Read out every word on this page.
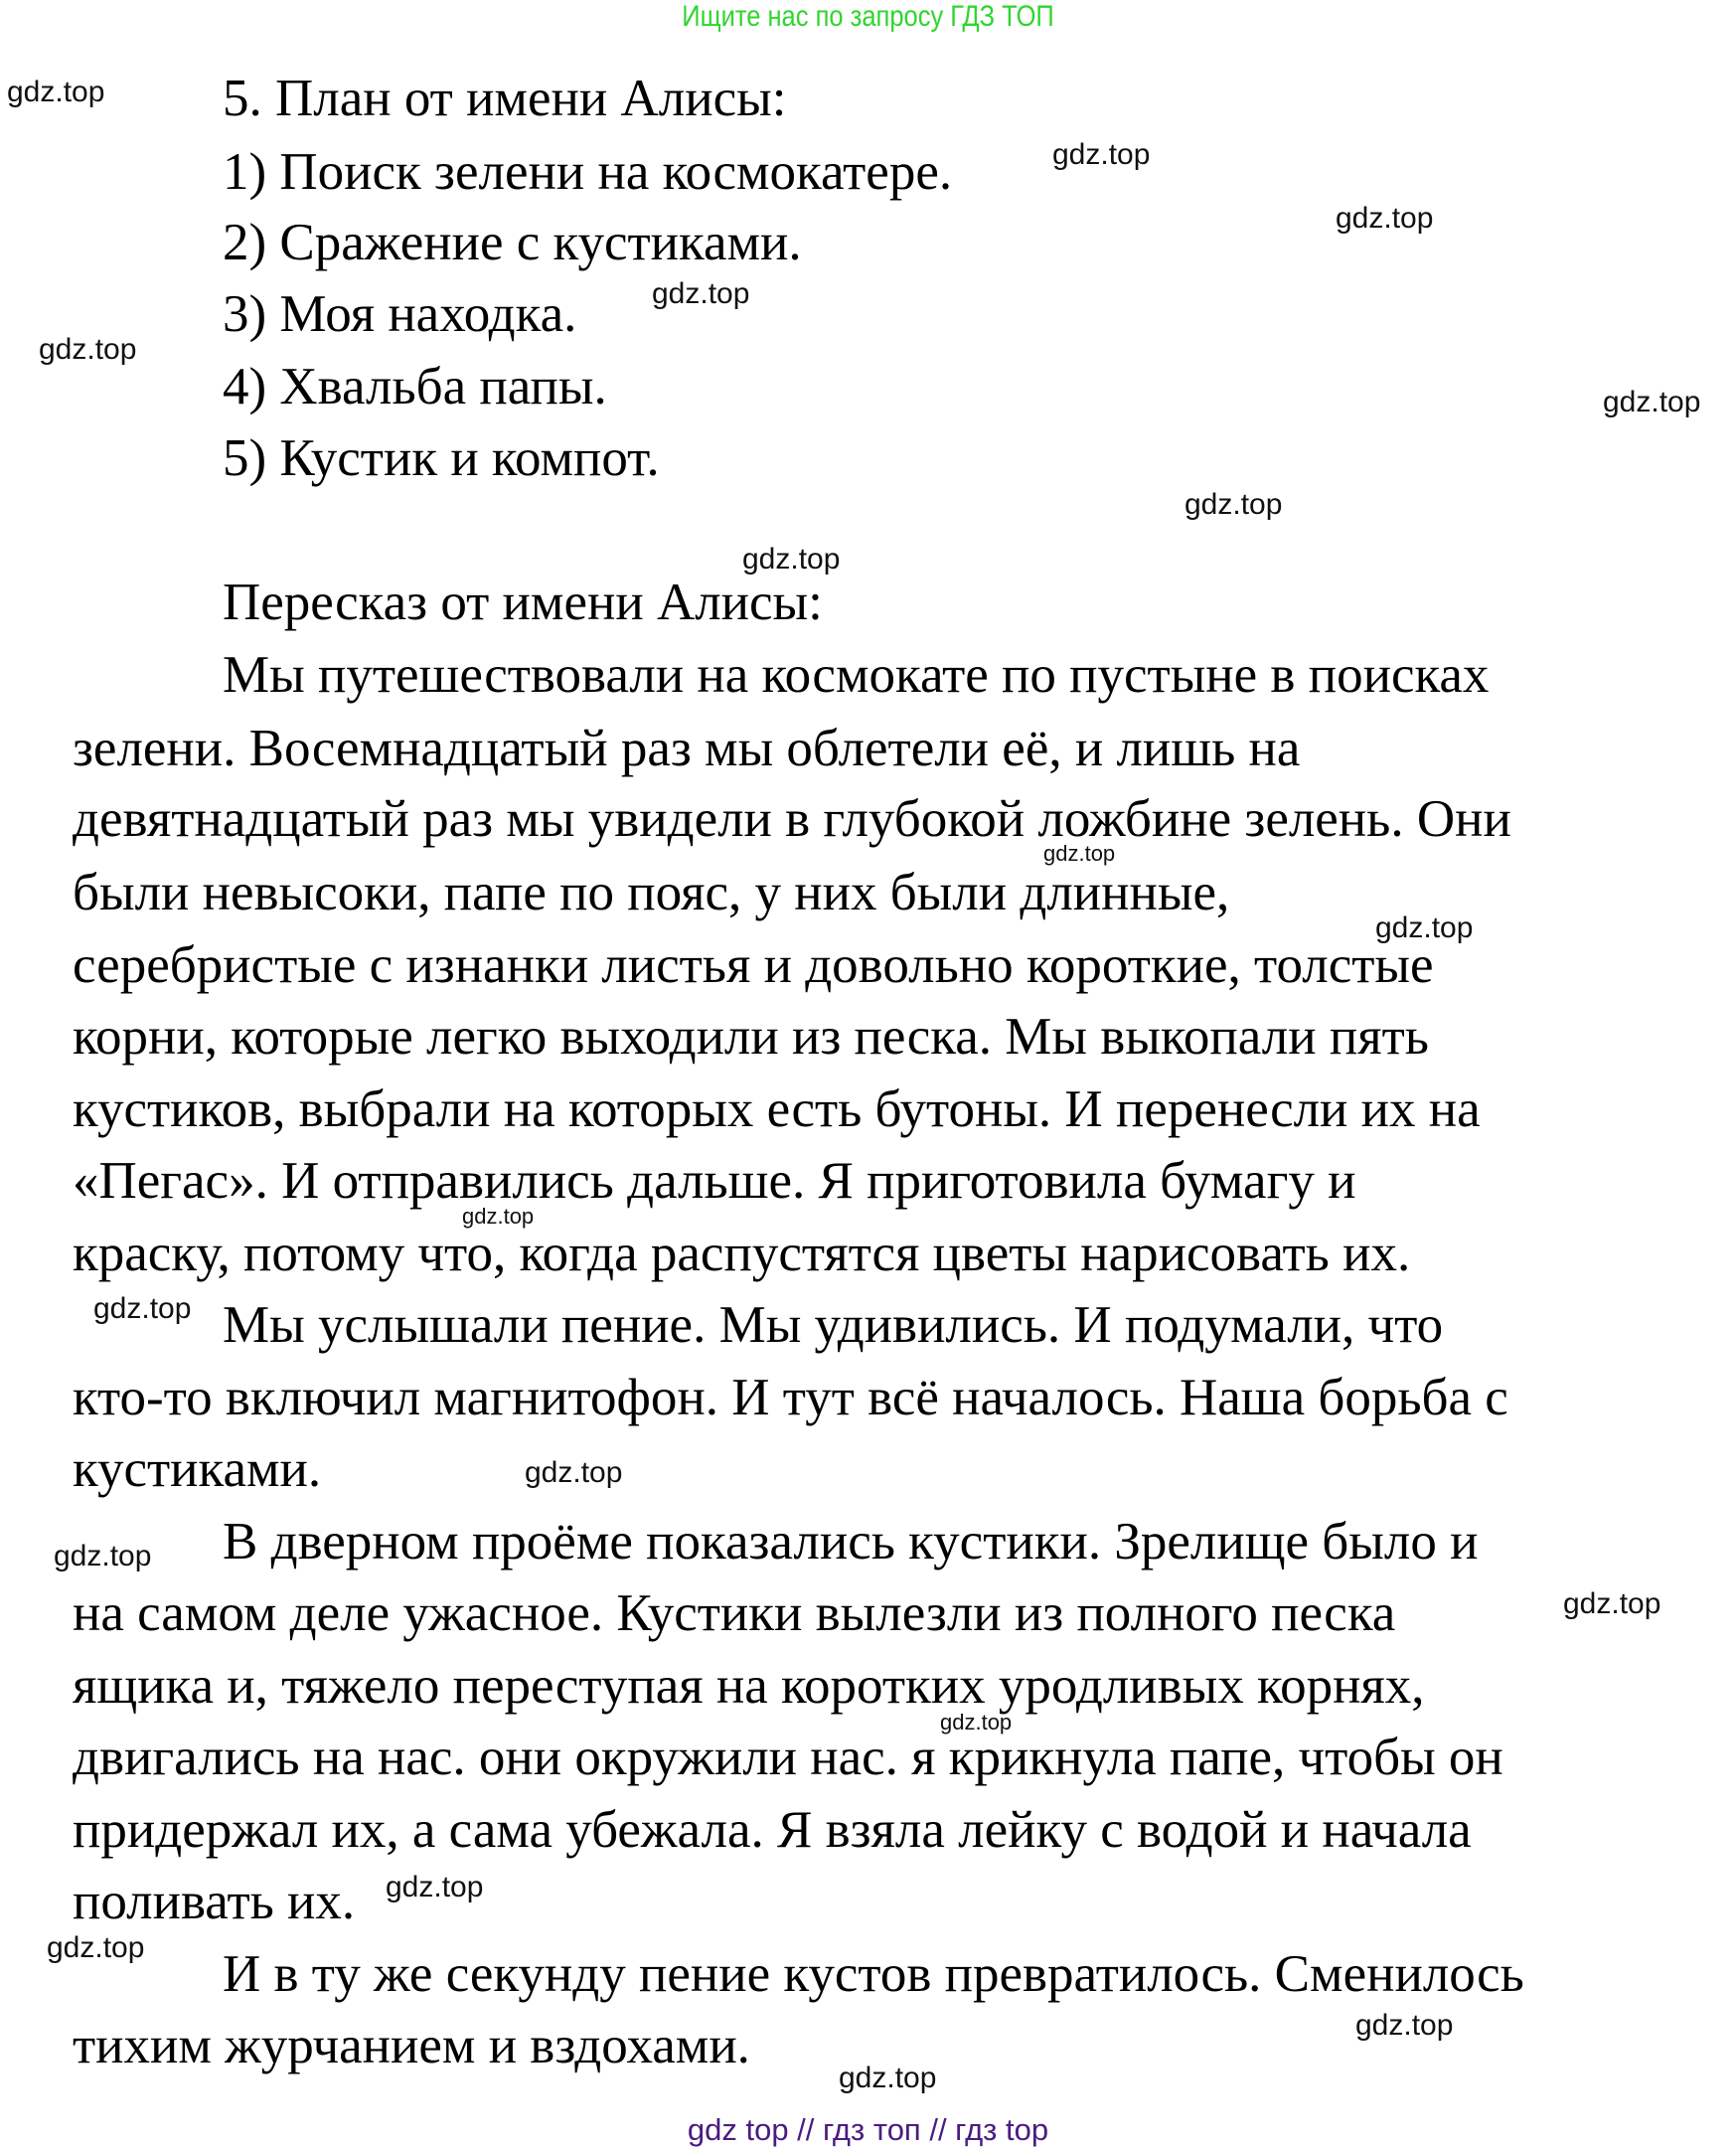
Ищите нас по запросу ГДЗ ТОП
5. План от имени Алисы:
1) Поиск зелени на космокатере.
2) Сражение с кустиками.
3) Моя находка.
4) Хвальба папы.
5) Кустик и компот.
Пересказ от имени Алисы:
Мы путешествовали на космокате по пустыне в поисках
зелени. Восемнадцатый раз мы облетели её, и лишь на
девятнадцатый раз мы увидели в глубокой ложбине зелень. Они
были невысоки, папе по пояс, у них были длинные,
серебристые с изнанки листья и довольно короткие, толстые
корни, которые легко выходили из песка. Мы выкопали пять
кустиков, выбрали на которых есть бутоны. И перенесли их на
«Пегас». И отправились дальше. Я приготовила бумагу и
краску, потому что, когда распустятся цветы нарисовать их.
Мы услышали пение. Мы удивились. И подумали, что
кто-то включил магнитофон. И тут всё началось. Наша борьба с
кустиками.
В дверном проёме показались кустики. Зрелище было и
на самом деле ужасное. Кустики вылезли из полного песка
ящика и, тяжело переступая на коротких уродливых корнях,
двигались на нас. они окружили нас. я крикнула папе, чтобы он
придержал их, а сама убежала. Я взяла лейку с водой и начала
поливать их.
И в ту же секунду пение кустов превратилось. Сменилось
тихим журчанием и вздохами.
gdz.top
gdz.top
gdz.top
gdz.top
gdz.top
gdz.top
gdz.top
gdz.top
gdz.top
gdz.top
gdz.top
gdz.top
gdz.top
gdz.top
gdz.top
gdz.top
gdz.top
gdz.top
gdz.top
gdz.top
gdz top // гдз топ // гдз top
